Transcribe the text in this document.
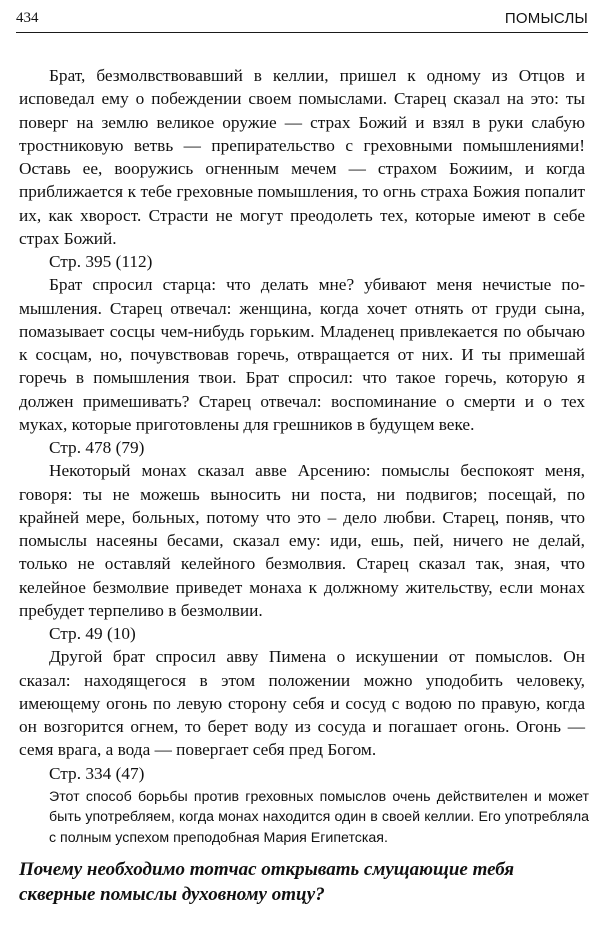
434	ПОМЫСЛЫ

Брат, безмолвствовавший в келлии, пришел к одному из Отцов и исповедал ему о побеждении своем помыслами. Старец сказал на это: ты поверг на землю великое оружие — страх Божий и взял в руки слабую тростниковую ветвь — препирательство с греховными помышлениями! Оставь ее, вооружись огненным мечем — страхом Божиим, и когда приближается к тебе греховные помышления, то огнь страха Божия попалит их, как хворост. Страсти не могут преодолеть тех, которые имеют в себе страх Божий.

Стр. 395 (112)

Брат спросил старца: что делать мне? убивают меня нечистые помышления. Старец отвечал: женщина, когда хочет отнять от груди сына, помазывает сосцы чем-нибудь горьким. Младенец привлекается по обычаю к сосцам, но, почувствовав горечь, отвращается от них. И ты примешай горечь в помышления твои. Брат спросил: что такое горечь, которую я должен примешивать? Старец отвечал: воспоминание о смерти и о тех муках, которые приготовлены для грешников в будущем веке.

Стр. 478 (79)

Некоторый монах сказал авве Арсению: помыслы беспокоят меня, говоря: ты не можешь выносить ни поста, ни подвигов; посещай, по крайней мере, больных, потому что это – дело любви. Старец, поняв, что помыслы насеяны бесами, сказал ему: иди, ешь, пей, ничего не делай, только не оставляй келейного безмолвия. Старец сказал так, зная, что келейное безмолвие приведет монаха к должному жительству, если монах пребудет терпеливо в безмолвии.

Стр. 49 (10)

Другой брат спросил авву Пимена о искушении от помыслов. Он сказал: находящегося в этом положении можно уподобить человеку, имеющему огонь по левую сторону себя и сосуд с водою по правую, когда он возгорится огнем, то берет воду из сосуда и погашает огонь. Огонь — семя врага, а вода — повергает себя пред Богом.

Стр. 334 (47)

Этот способ борьбы против греховных помыслов очень действителен и может быть употребляем, когда монах находится один в своей келлии. Его употребляла с полным успехом преподобная Мария Египетская.

Почему необходимо тотчас открывать смущающие тебя скверные помыслы духовному отцу?
